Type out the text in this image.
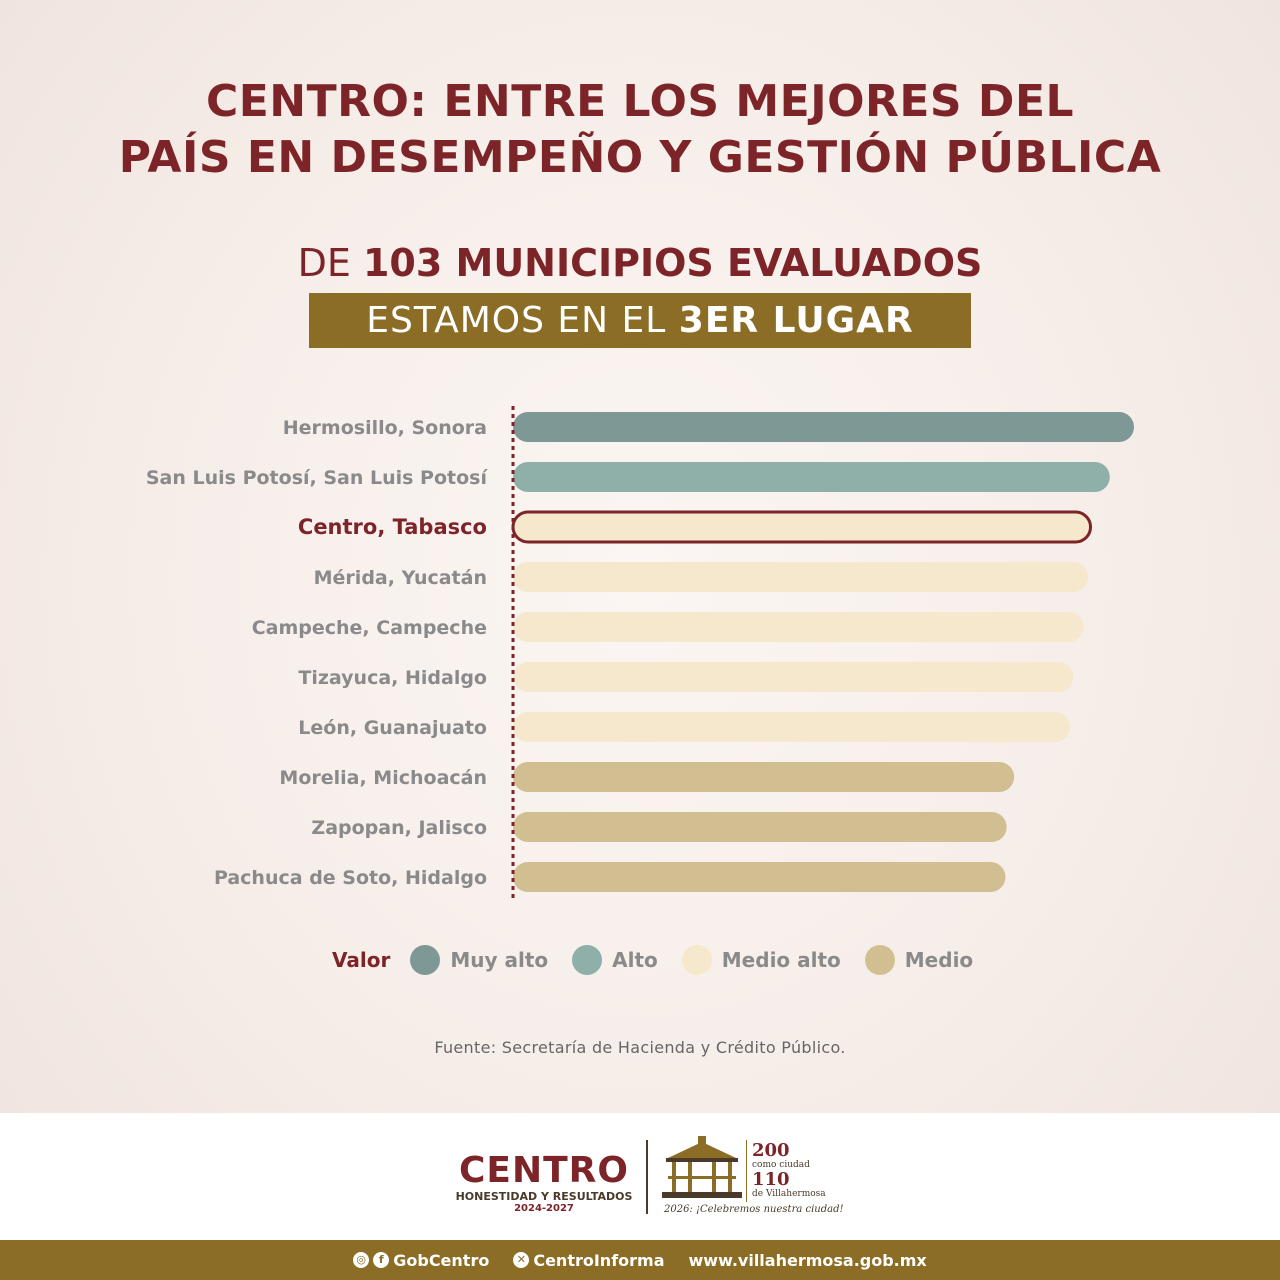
CENTRO: ENTRE LOS MEJORES DEL
PAÍS EN DESEMPEÑO Y GESTIÓN PÚBLICA
DE 103 MUNICIPIOS EVALUADOS
ESTAMOS EN EL 3ER LUGAR
Hermosillo, Sonora
San Luis Potosí, San Luis Potosí
Centro, Tabasco
Mérida, Yucatán
Campeche, Campeche
Tizayuca, Hidalgo
León, Guanajuato
Morelia, Michoacán
Zapopan, Jalisco
Pachuca de Soto, Hidalgo
Valor	Muy alto	Alto	Medio alto	Medio
Fuente: Secretaría de Hacienda y Crédito Público.
CENTRO
HONESTIDAD Y RESULTADOS
2024-2027
200
como ciudad
110
de Villahermosa
2026: ¡Celebremos nuestra ciudad!
◎	f GobCentro	✕ CentroInforma www.villahermosa.gob.mx
